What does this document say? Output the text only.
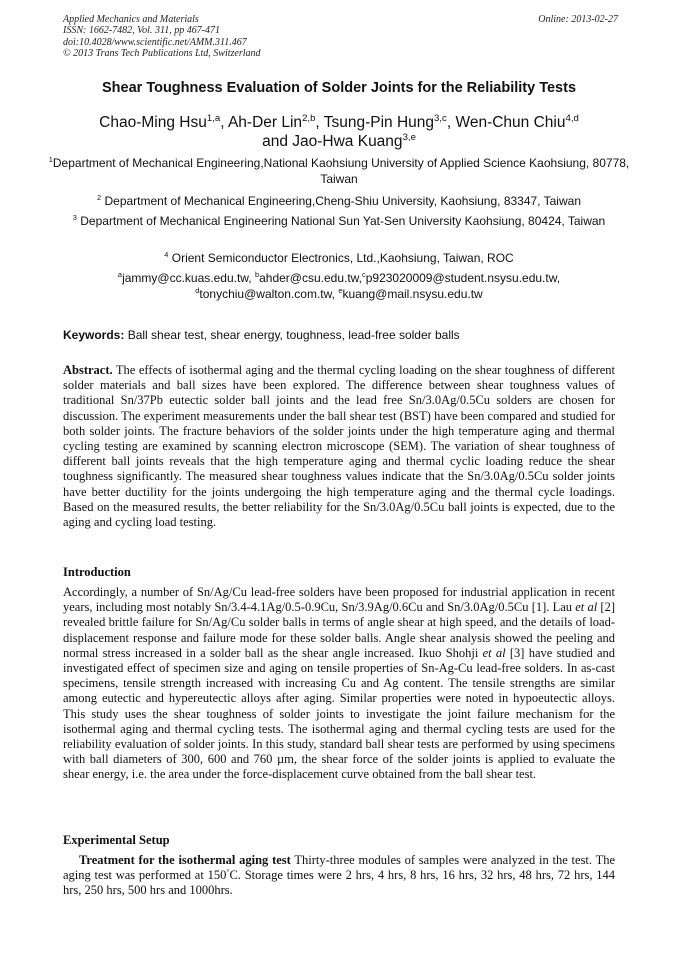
Applied Mechanics and Materials
ISSN: 1662-7482, Vol. 311, pp 467-471
doi:10.4028/www.scientific.net/AMM.311.467
© 2013 Trans Tech Publications Ltd, Switzerland
Online: 2013-02-27
Shear Toughness Evaluation of Solder Joints for the Reliability Tests
Chao-Ming Hsu$^{1,a}$, Ah-Der Lin$^{2,b}$, Tsung-Pin Hung$^{3,c}$, Wen-Chun Chiu$^{4,d}$
and Jao-Hwa Kuang$^{3,e}$
$^1$Department of Mechanical Engineering,National Kaohsiung University of Applied Science Kaohsiung, 80778, Taiwan
$^2$ Department of Mechanical Engineering,Cheng-Shiu University, Kaohsiung, 83347, Taiwan
$^3$ Department of Mechanical Engineering National Sun Yat-Sen University Kaohsiung, 80424, Taiwan
$^4$ Orient Semiconductor Electronics, Ltd.,Kaohsiung, Taiwan, ROC
$^a$jammy@cc.kuas.edu.tw, $^b$ahder@csu.edu.tw,$^c$p923020009@student.nsysu.edu.tw,
$^d$tonychiu@walton.com.tw, $^e$kuang@mail.nsysu.edu.tw
Keywords: Ball shear test, shear energy, toughness, lead-free solder balls
Abstract. The effects of isothermal aging and the thermal cycling loading on the shear toughness of different solder materials and ball sizes have been explored. The difference between shear toughness values of traditional Sn/37Pb eutectic solder ball joints and the lead free Sn/3.0Ag/0.5Cu solders are chosen for discussion. The experiment measurements under the ball shear test (BST) have been compared and studied for both solder joints. The fracture behaviors of the solder joints under the high temperature aging and thermal cycling testing are examined by scanning electron microscope (SEM). The variation of shear toughness of different ball joints reveals that the high temperature aging and thermal cyclic loading reduce the shear toughness significantly. The measured shear toughness values indicate that the Sn/3.0Ag/0.5Cu solder joints have better ductility for the joints undergoing the high temperature aging and the thermal cycle loadings. Based on the measured results, the better reliability for the Sn/3.0Ag/0.5Cu ball joints is expected, due to the aging and cycling load testing.
Introduction
Accordingly, a number of Sn/Ag/Cu lead-free solders have been proposed for industrial application in recent years, including most notably Sn/3.4-4.1Ag/0.5-0.9Cu, Sn/3.9Ag/0.6Cu and Sn/3.0Ag/0.5Cu [1]. Lau et al [2] revealed brittle failure for Sn/Ag/Cu solder balls in terms of angle shear at high speed, and the details of load-displacement response and failure mode for these solder balls. Angle shear analysis showed the peeling and normal stress increased in a solder ball as the shear angle increased. Ikuo Shohji et al [3] have studied and investigated effect of specimen size and aging on tensile properties of Sn-Ag-Cu lead-free solders. In as-cast specimens, tensile strength increased with increasing Cu and Ag content. The tensile strengths are similar among eutectic and hypereutectic alloys after aging. Similar properties were noted in hypoeutectic alloys. This study uses the shear toughness of solder joints to investigate the joint failure mechanism for the isothermal aging and thermal cycling tests. The isothermal aging and thermal cycling tests are used for the reliability evaluation of solder joints. In this study, standard ball shear tests are performed by using specimens with ball diameters of 300, 600 and 760 µm, the shear force of the solder joints is applied to evaluate the shear energy, i.e. the area under the force-displacement curve obtained from the ball shear test.
Experimental Setup
Treatment for the isothermal aging test Thirty-three modules of samples were analyzed in the test. The aging test was performed at 150°C. Storage times were 2 hrs, 4 hrs, 8 hrs, 16 hrs, 32 hrs, 48 hrs, 72 hrs, 144 hrs, 250 hrs, 500 hrs and 1000hrs.
